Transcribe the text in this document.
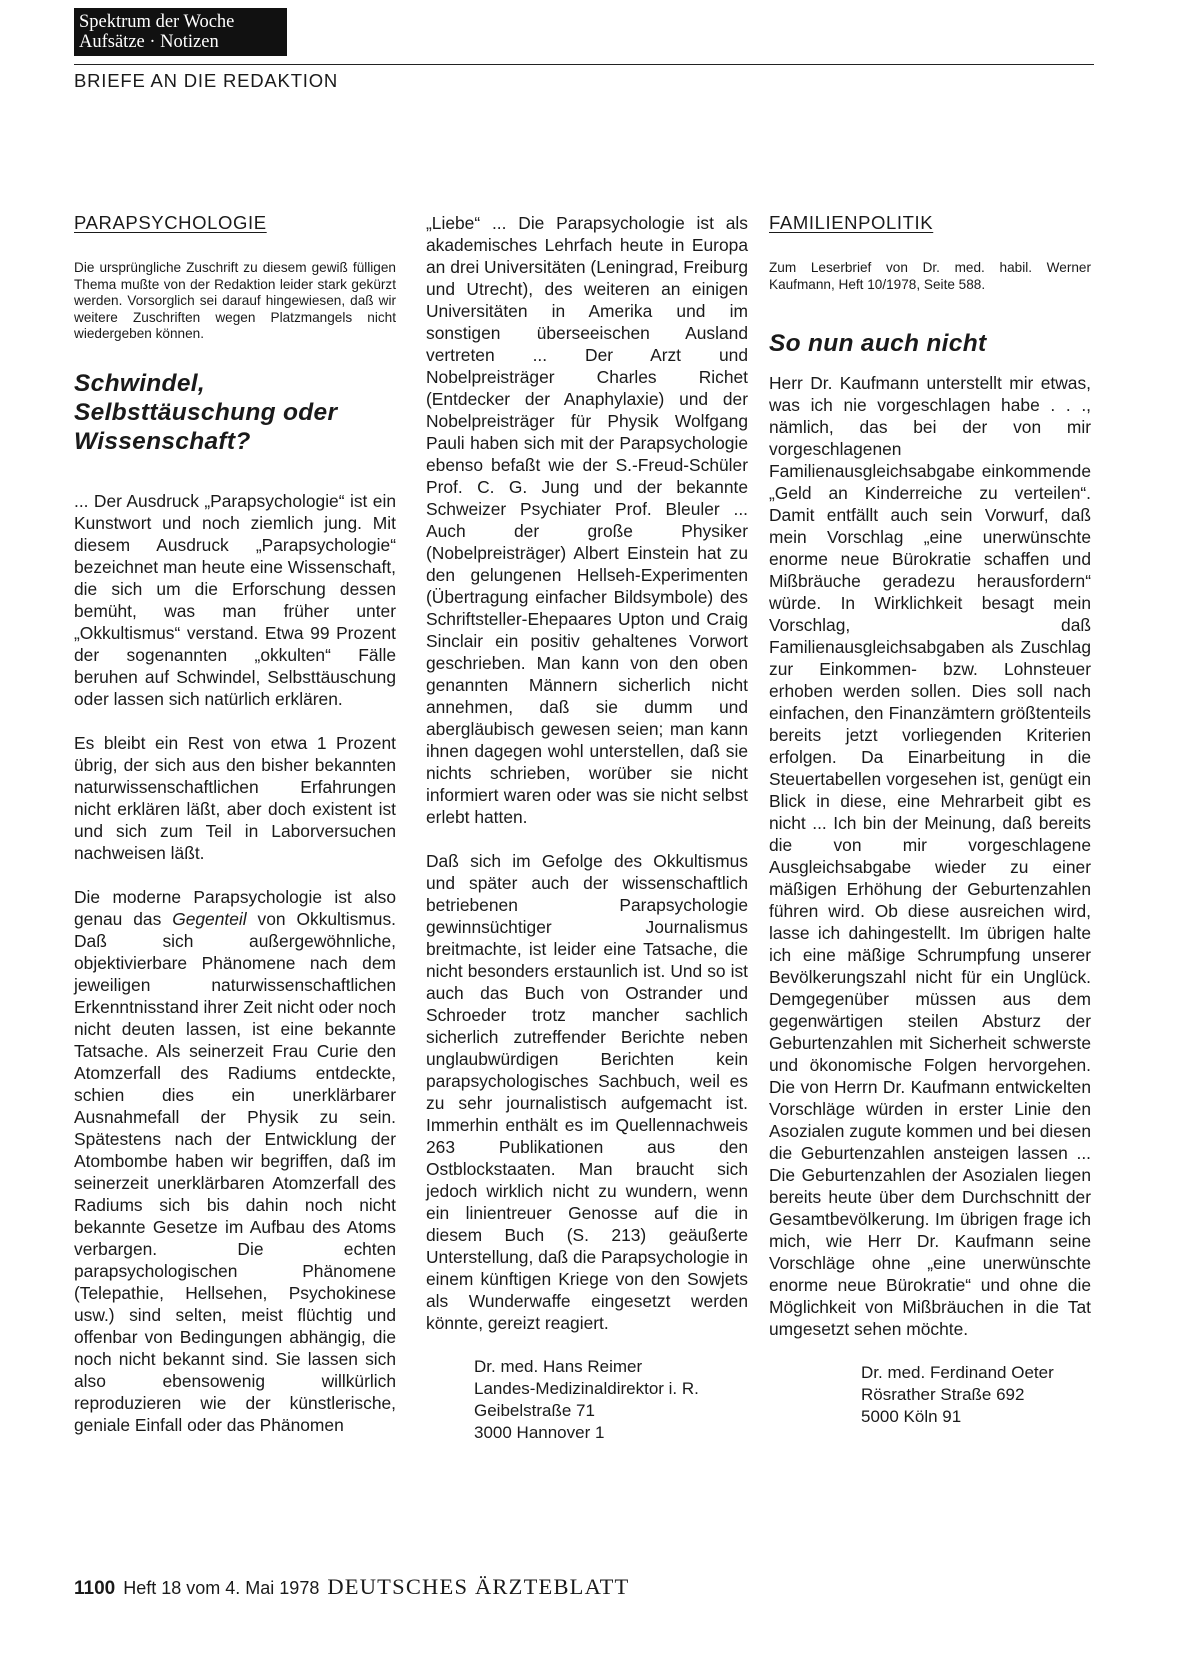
Spektrum der Woche
Aufsätze · Notizen
BRIEFE AN DIE REDAKTION
PARAPSYCHOLOGIE

Die ursprüngliche Zuschrift zu diesem gewiß fülligen Thema mußte von der Redaktion leider stark gekürzt werden. Vorsorglich sei darauf hingewiesen, daß wir weitere Zuschriften wegen Platzmangels nicht wiedergeben können.

Schwindel, Selbsttäuschung oder Wissenschaft?

... Der Ausdruck „Parapsychologie“ ist ein Kunstwort und noch ziemlich jung. Mit diesem Ausdruck „Parapsychologie“ bezeichnet man heute eine Wissenschaft, die sich um die Erforschung dessen bemüht, was man früher unter „Okkultismus“ verstand. Etwa 99 Prozent der sogenannten „okkulten“ Fälle beruhen auf Schwindel, Selbsttäuschung oder lassen sich natürlich erklären.

Es bleibt ein Rest von etwa 1 Prozent übrig, der sich aus den bisher bekannten naturwissenschaftlichen Erfahrungen nicht erklären läßt, aber doch existent ist und sich zum Teil in Laborversuchen nachweisen läßt.

Die moderne Parapsychologie ist also genau das Gegenteil von Okkultismus. Daß sich außergewöhnliche, objektivierbare Phänomene nach dem jeweiligen naturwissenschaftlichen Erkenntnisstand ihrer Zeit nicht oder noch nicht deuten lassen, ist eine bekannte Tatsache. Als seinerzeit Frau Curie den Atomzerfall des Radiums entdeckte, schien dies ein unerklärbarer Ausnahmefall der Physik zu sein. Spätestens nach der Entwicklung der Atombombe haben wir begriffen, daß im seinerzeit unerklärbaren Atomzerfall des Radiums sich bis dahin noch nicht bekannte Gesetze im Aufbau des Atoms verbargen. Die echten parapsychologischen Phänomene (Telepathie, Hellsehen, Psychokinese usw.) sind selten, meist flüchtig und offenbar von Bedingungen abhängig, die noch nicht bekannt sind. Sie lassen sich also ebensowenig willkürlich reproduzieren wie der künstlerische, geniale Einfall oder das Phänomen

„Liebe“ ... Die Parapsychologie ist als akademisches Lehrfach heute in Europa an drei Universitäten (Leningrad, Freiburg und Utrecht), des weiteren an einigen Universitäten in Amerika und im sonstigen überseeischen Ausland vertreten ... Der Arzt und Nobelpreisträger Charles Richet (Entdecker der Anaphylaxie) und der Nobelpreisträger für Physik Wolfgang Pauli haben sich mit der Parapsychologie ebenso befaßt wie der S.-Freud-Schüler Prof. C. G. Jung und der bekannte Schweizer Psychiater Prof. Bleuler ... Auch der große Physiker (Nobelpreisträger) Albert Einstein hat zu den gelungenen Hellseh-Experimenten (Übertragung einfacher Bildsymbole) des Schriftsteller-Ehepaares Upton und Craig Sinclair ein positiv gehaltenes Vorwort geschrieben. Man kann von den oben genannten Männern sicherlich nicht annehmen, daß sie dumm und abergläubisch gewesen seien; man kann ihnen dagegen wohl unterstellen, daß sie nichts schrieben, worüber sie nicht informiert waren oder was sie nicht selbst erlebt hatten.

Daß sich im Gefolge des Okkultismus und später auch der wissenschaftlich betriebenen Parapsychologie gewinnsüchtiger Journalismus breitmachte, ist leider eine Tatsache, die nicht besonders erstaunlich ist. Und so ist auch das Buch von Ostrander und Schroeder trotz mancher sachlich sicherlich zutreffender Berichte neben unglaubwürdigen Berichten kein parapsychologisches Sachbuch, weil es zu sehr journalistisch aufgemacht ist. Immerhin enthält es im Quellennachweis 263 Publikationen aus den Ostblockstaaten. Man braucht sich jedoch wirklich nicht zu wundern, wenn ein linientreuer Genosse auf die in diesem Buch (S. 213) geäußerte Unterstellung, daß die Parapsychologie in einem künftigen Kriege von den Sowjets als Wunderwaffe eingesetzt werden könnte, gereizt reagiert.

Dr. med. Hans Reimer
Landes-Medizinaldirektor i. R.
Geibelstraße 71
3000 Hannover 1
FAMILIENPOLITIK

Zum Leserbrief von Dr. med. habil. Werner Kaufmann, Heft 10/1978, Seite 588.

So nun auch nicht

Herr Dr. Kaufmann unterstellt mir etwas, was ich nie vorgeschlagen habe . . ., nämlich, das bei der von mir vorgeschlagenen Familienausgleichsabgabe einkommende „Geld an Kinderreiche zu verteilen“. Damit entfällt auch sein Vorwurf, daß mein Vorschlag „eine unerwünschte enorme neue Bürokratie schaffen und Mißbräuche geradezu herausfordern“ würde. In Wirklichkeit besagt mein Vorschlag, daß Familienausgleichsabgaben als Zuschlag zur Einkommen- bzw. Lohnsteuer erhoben werden sollen. Dies soll nach einfachen, den Finanzämtern größtenteils bereits jetzt vorliegenden Kriterien erfolgen. Da Einarbeitung in die Steuertabellen vorgesehen ist, genügt ein Blick in diese, eine Mehrarbeit gibt es nicht ... Ich bin der Meinung, daß bereits die von mir vorgeschlagene Ausgleichsabgabe wieder zu einer mäßigen Erhöhung der Geburtenzahlen führen wird. Ob diese ausreichen wird, lasse ich dahingestellt. Im übrigen halte ich eine mäßige Schrumpfung unserer Bevölkerungszahl nicht für ein Unglück. Demgegenüber müssen aus dem gegenwärtigen steilen Absturz der Geburtenzahlen mit Sicherheit schwerste und ökonomische Folgen hervorgehen. Die von Herrn Dr. Kaufmann entwickelten Vorschläge würden in erster Linie den Asozialen zugute kommen und bei diesen die Geburtenzahlen ansteigen lassen ... Die Geburtenzahlen der Asozialen liegen bereits heute über dem Durchschnitt der Gesamtbevölkerung. Im übrigen frage ich mich, wie Herr Dr. Kaufmann seine Vorschläge ohne „eine unerwünschte enorme neue Bürokratie“ und ohne die Möglichkeit von Mißbräuchen in die Tat umgesetzt sehen möchte.

Dr. med. Ferdinand Oeter
Rösrather Straße 692
5000 Köln 91
1100 Heft 18 vom 4. Mai 1978 DEUTSCHES ÄRZTEBLATT
